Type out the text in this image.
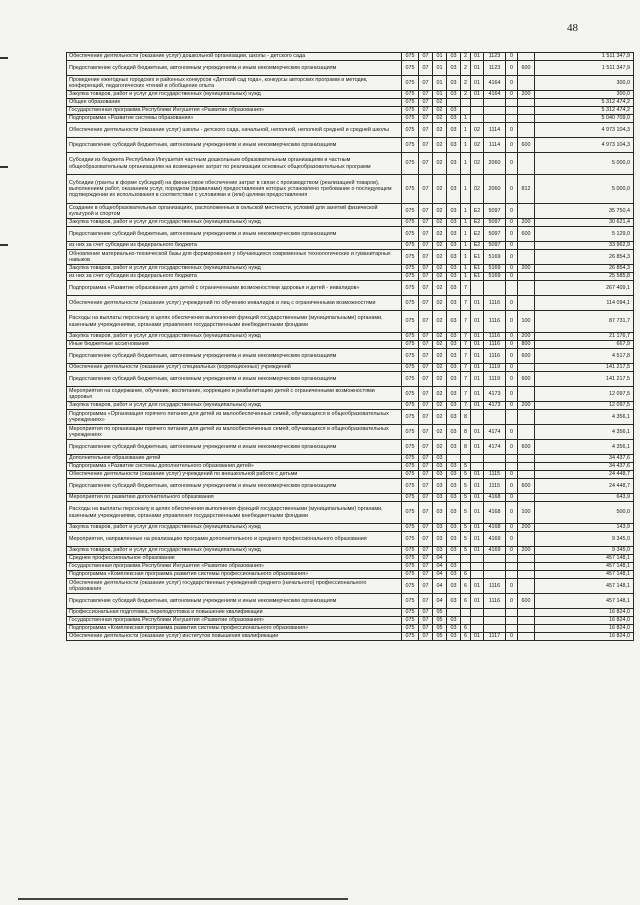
48
Обеспечение деятельности (оказание услуг) дошкольной организации, школы - детского сада	075	07	01	03	2	01	1123	0		1 511 347,9
Предоставление субсидий бюджетным, автономным учреждениям и иным некоммерческим организациям	075	07	01	03	2	01	1123	0	600	1 511 347,9
Проведение ежегодных городских и районных конкурсов «Детский сад года», конкурсы авторских программ и методик, конференций, педагогических чтений и обобщение опыта	075	07	01	03	2	01	4164	0		300,0
Закупка товаров, работ и услуг для государственных (муниципальных) нужд	075	07	01	03	2	01	4164	0	200	300,0
Общее образование	075	07	02							5 312 474,2
Государственная программа Республики Ингушетия «Развитие образования»	075	07	02	03						5 312 474,2
Подпрограмма «Развитие системы образования»	075	07	02	03	1					5 040 709,0
Обеспечение деятельности (оказание услуг) школы - детского сада, начальной, неполной, неполной средней и средней школы	075	07	02	03	1	02	1114	0		4 973 104,3
Предоставление субсидий бюджетным, автономным учреждениям и иным некоммерческим организациям	075	07	02	03	1	02	1114	0	600	4 973 104,3
Субсидии из бюджета Республики Ингушетия частным дошкольным образовательным организациям и частным общеобразовательным организациям на возмещение затрат по реализации основных общеобразовательных программ	075	07	02	03	1	02	2060	0		5 000,0
Субсидии (гранты в форме субсидий) на финансовое обеспечение затрат в связи с производством (реализацией товаров), выполнением работ, оказанием услуг, порядком (правилами) предоставления которых установлено требование о последующем подтверждении их использования в соответствии с условиями и (или) целями предоставления	075	07	02	03	1	02	2060	0	812	5 000,0
Создание в общеобразовательных организациях, расположенных в сельской местности, условий для занятий физической культурой и спортом	075	07	02	03	1	E2	5097	0		35 750,4
Закупка товаров, работ и услуг для государственных (муниципальных) нужд	075	07	02	03	1	E2	5097	0	200	30 621,4
Предоставление субсидий бюджетным, автономным учреждениям и иным некоммерческим организациям	075	07	02	03	1	E2	5097	0	600	5 129,0
из них за счет субсидии из федерального бюджета	075	07	02	03	1	E2	5097	0		33 962,9
Обновление материально-технической базы для формирования у обучающихся современных технологических и гуманитарных навыков	075	07	02	03	1	E1	5169	0		26 854,3
Закупка товаров, работ и услуг для государственных (муниципальных) нужд	075	07	02	03	1	E1	5169	0	200	26 854,3
из них за счет субсидии из федерального бюджета	075	07	02	03	1	E1	5169	0		25 585,8
Подпрограмма «Развитие образования для детей с ограниченными возможностями здоровья и детей - инвалидов»	075	07	02	03	7					267 409,1
Обеспечение деятельности (оказание услуг) учреждений по обучению инвалидов и лиц с ограниченными возможностями	075	07	02	03	7	01	1116	0		114 094,1
Расходы на выплаты персоналу в целях обеспечения выполнения функций государственными (муниципальными) органами, казенными учреждениями, органами управления государственными внебюджетными фондами	075	07	02	03	7	01	1116	0	100	87 731,7
Закупка товаров, работ и услуг для государственных (муниципальных) нужд	075	07	02	03	7	01	1116	0	200	21 176,7
Иные бюджетные ассигнования	075	07	02	03	7	01	1116	0	800	667,9
Предоставление субсидий бюджетным, автономным учреждениям и иным некоммерческим организациям	075	07	02	03	7	01	1116	0	600	4 517,8
Обеспечение деятельности (оказание услуг) специальных (коррекционных) учреждений	075	07	02	03	7	01	1119	0		141 217,5
Предоставление субсидий бюджетным, автономным учреждениям и иным некоммерческим организациям	075	07	02	03	7	01	1119	0	600	141 217,5
Мероприятия на содержание, обучение, воспитание, коррекцию и реабилитацию детей с ограниченными возможностями здоровья	075	07	02	03	7	01	4173	0		12 097,5
Закупка товаров, работ и услуг для государственных (муниципальных) нужд	075	07	02	03	7	01	4173	0	200	12 097,5
Подпрограмма «Организация горячего питания для детей из малообеспеченных семей, обучающихся в общеобразовательных учреждениях»	075	07	02	03	8					4 356,1
Мероприятия по организации горячего питания для детей из малообеспеченных семей, обучающихся в общеобразовательных учреждениях	075	07	02	03	8	01	4174	0		4 356,1
Предоставление субсидий бюджетным, автономным учреждениям и иным некоммерческим организациям	075	07	02	03	8	01	4174	0	600	4 356,1
Дополнительное образование детей	075	07	03							34 437,6
Подпрограмма «Развитие системы дополнительного образования детей»	075	07	03	03	5					34 437,6
Обеспечение деятельности (оказание услуг) учреждений по внешкольной работе с детьми	075	07	03	03	5	01	1115	0		24 448,7
Предоставление субсидий бюджетным, автономным учреждениям и иным некоммерческим организациям	075	07	03	03	5	01	1115	0	600	24 448,7
Мероприятия по развитию дополнительного образования	075	07	03	03	5	01	4168	0		643,9
Расходы на выплаты персоналу в целях обеспечения выполнения функций государственными (муниципальными) органами, казенными учреждениями, органами управления государственными внебюджетными фондами	075	07	03	03	5	01	4168	0	100	500,0
Закупка товаров, работ и услуг для государственных (муниципальных) нужд	075	07	03	03	5	01	4168	0	200	143,9
Мероприятия, направленные на реализацию программ дополнительного и среднего профессионального образования	075	07	03	03	5	01	4169	0		9 345,0
Закупка товаров, работ и услуг для государственных (муниципальных) нужд	075	07	03	03	5	01	4169	0	200	9 345,0
Среднее профессиональное образование	075	07	04							457 148,1
Государственная программа Республики Ингушетия «Развитие образования»	075	07	04	03						457 148,1
Подпрограмма «Комплексная программа развития системы профессионального образования»	075	07	04	03	6					457 148,1
Обеспечение деятельности (оказание услуг) государственных учреждений среднего (начального) профессионального образования	075	07	04	03	6	01	1116	0		457 148,1
Предоставление субсидий бюджетным, автономным учреждениям и иным некоммерческим организациям	075	07	04	03	6	01	1116	0	600	457 148,1
Профессиональная подготовка, переподготовка и повышение квалификации	075	07	05							16 824,0
Государственная программа Республики Ингушетия «Развитие образования»	075	07	05	03						16 824,0
Подпрограмма «Комплексная программа развития системы профессионального образования»	075	07	05	03	6					16 824,0
Обеспечение деятельности (оказание услуг) институтов повышения квалификации	075	07	05	03	6	01	1117	0		16 824,0
